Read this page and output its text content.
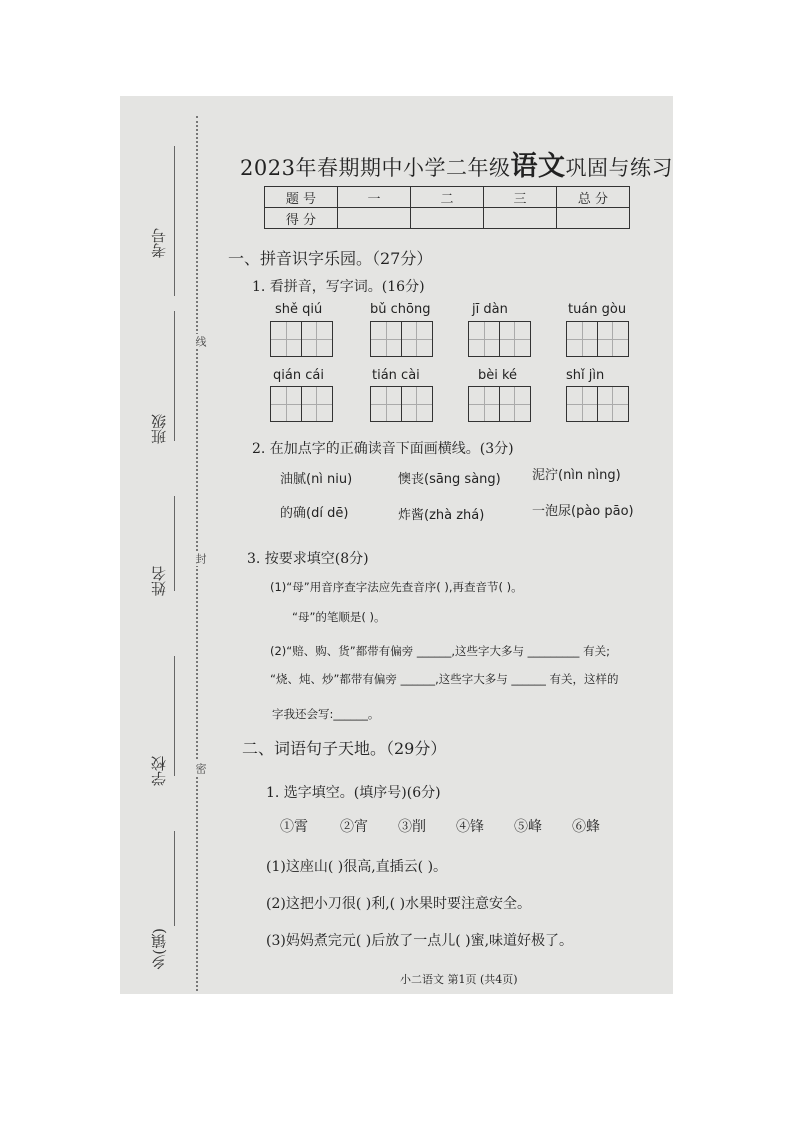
考号
班级
姓名
学校
乡(镇)
线
封
密
2023年春期期中小学二年级语文巩固与练习
题 号	一	二	三	总 分
得 分				
一、拼音识字乐园。（27分）
1. 看拼音，写字词。(16分)
shě qiú	bǔ chōng	jī dàn	tuán gòu
qián cái	tián cài	bèi ké	shǐ jìn
2. 在加点字的正确读音下面画横线。(3分)
油腻(nì niu)	懊丧(sāng sàng) 泥泞(nìn nìng)
的确(dí dē)	炸酱(zhà zhá)	一泡尿(pào pāo)
3. 按要求填空(8分)
(1)“母”用音序查字法应先查音序( ),再查音节( )。
“母”的笔顺是( )。
(2)“赔、购、货”都带有偏旁 ______,这些字大多与 _________ 有关;
“烧、炖、炒”都带有偏旁 ______,这些字大多与 ______ 有关，这样的
字我还会写:______。
二、词语句子天地。（29分）
1. 选字填空。(填序号)(6分)
①霄 ②宵 ③削 ④锋 ⑤峰 ⑥蜂
(1)这座山( )很高,直插云( )。
(2)这把小刀很( )利,( )水果时要注意安全。
(3)妈妈煮完元( )后放了一点儿( )蜜,味道好极了。
小二语文 第1页 (共4页)
